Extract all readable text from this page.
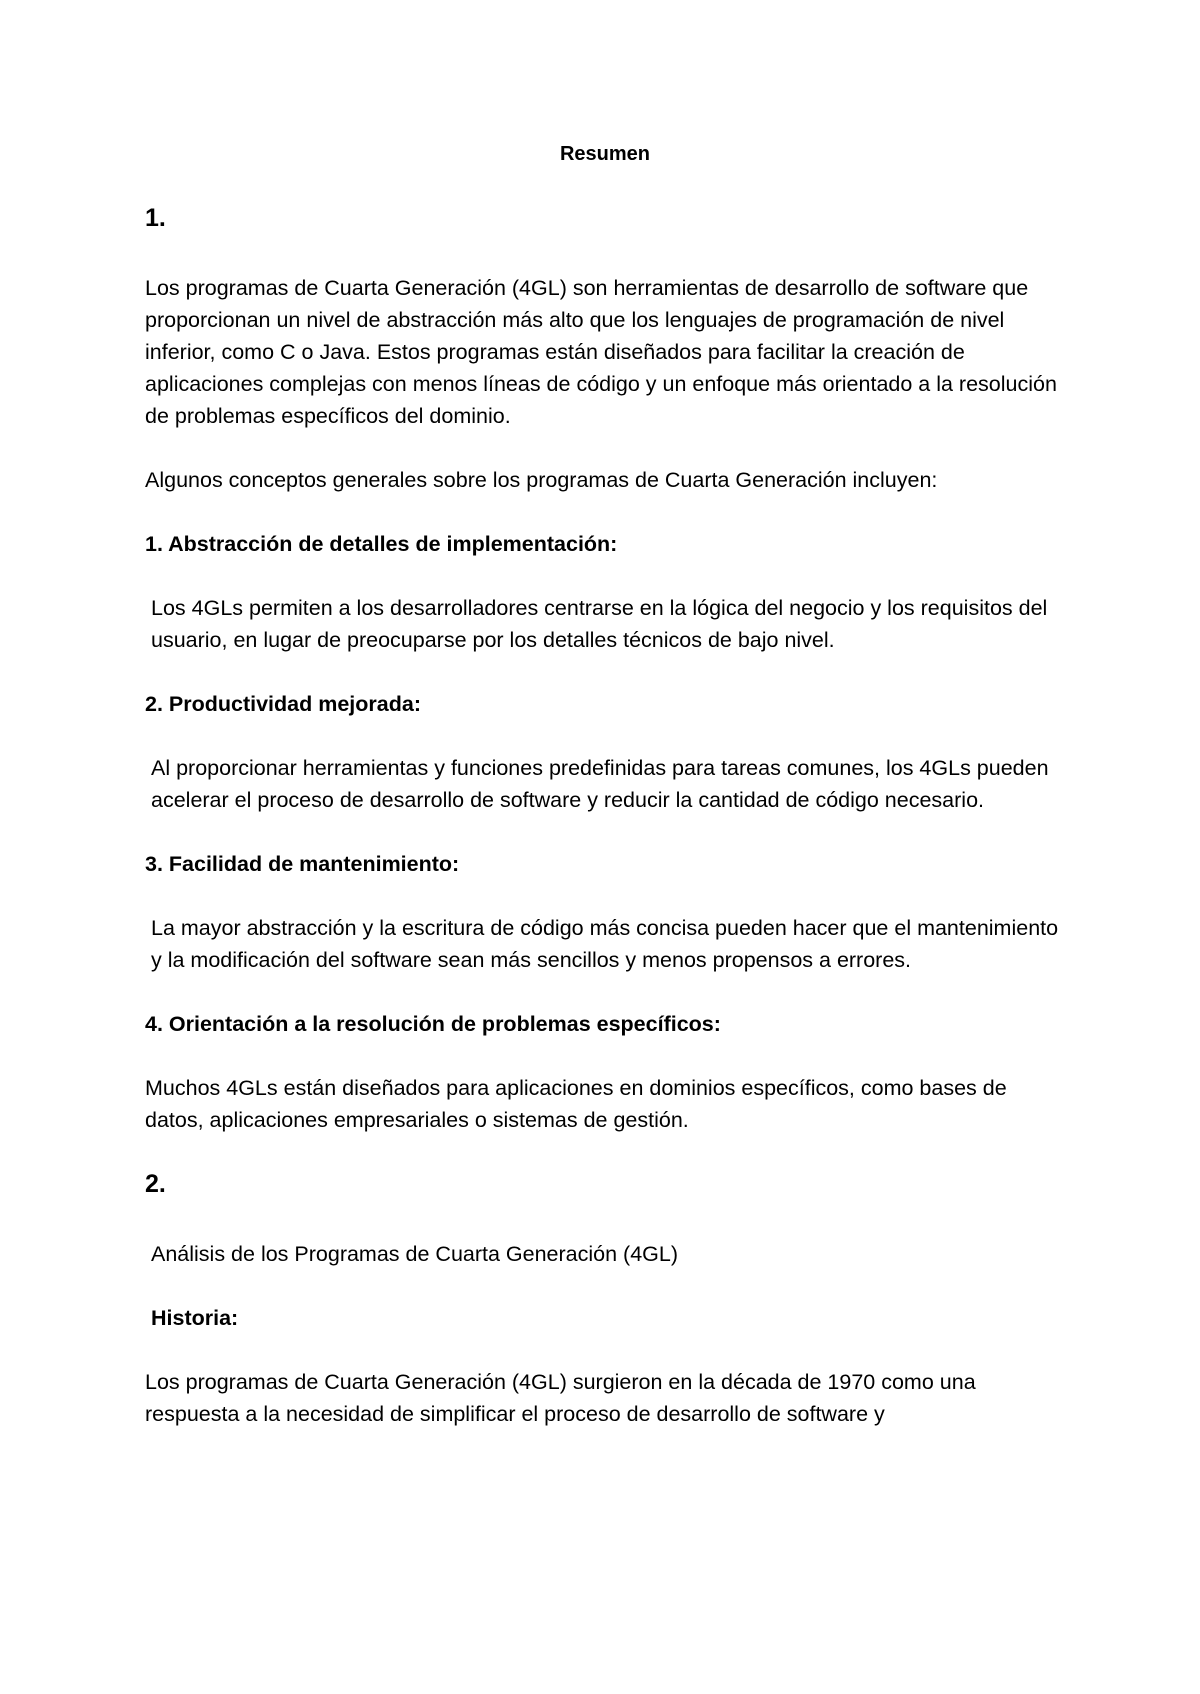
Resumen
1.

Los programas de Cuarta Generación (4GL) son herramientas de desarrollo de software que proporcionan un nivel de abstracción más alto que los lenguajes de programación de nivel inferior, como C o Java. Estos programas están diseñados para facilitar la creación de aplicaciones complejas con menos líneas de código y un enfoque más orientado a la resolución de problemas específicos del dominio.

Algunos conceptos generales sobre los programas de Cuarta Generación incluyen:

1. Abstracción de detalles de implementación:

Los 4GLs permiten a los desarrolladores centrarse en la lógica del negocio y los requisitos del usuario, en lugar de preocuparse por los detalles técnicos de bajo nivel.

2. Productividad mejorada:

Al proporcionar herramientas y funciones predefinidas para tareas comunes, los 4GLs pueden acelerar el proceso de desarrollo de software y reducir la cantidad de código necesario.

3. Facilidad de mantenimiento:

La mayor abstracción y la escritura de código más concisa pueden hacer que el mantenimiento y la modificación del software sean más sencillos y menos propensos a errores.

4. Orientación a la resolución de problemas específicos:

Muchos 4GLs están diseñados para aplicaciones en dominios específicos, como bases de datos, aplicaciones empresariales o sistemas de gestión.

2.

Análisis de los Programas de Cuarta Generación (4GL)

Historia:

Los programas de Cuarta Generación (4GL) surgieron en la década de 1970 como una respuesta a la necesidad de simplificar el proceso de desarrollo de software y
